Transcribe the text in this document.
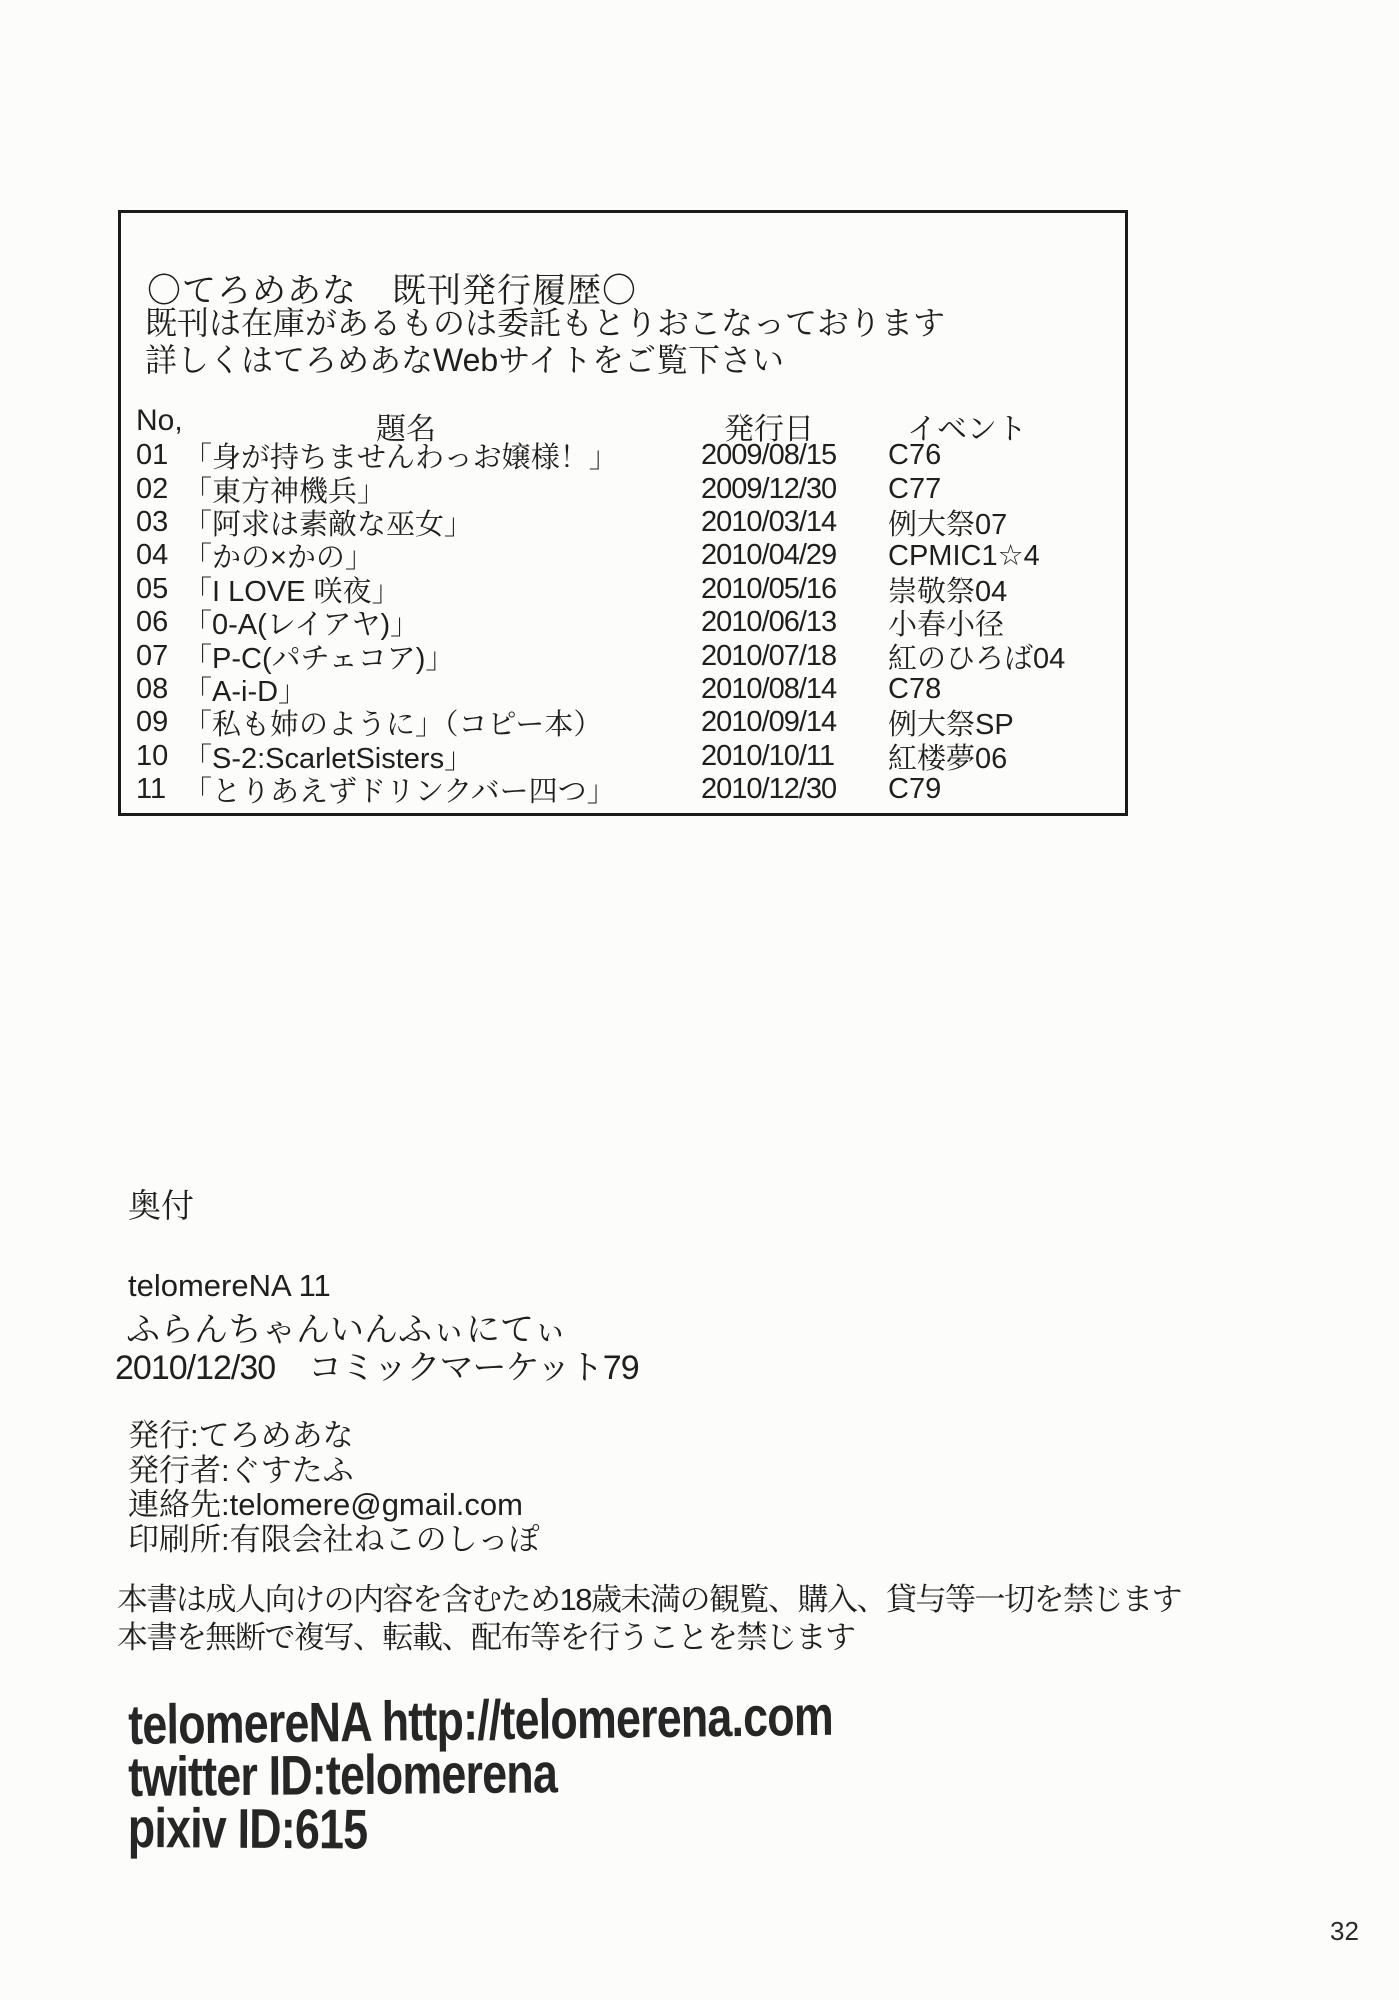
〇てろめあな　既刊発行履歴〇
既刊は在庫があるものは委託もとりおこなっております
詳しくはてろめあなWebサイトをご覧下さい
No,	題名	発行日	イベント
01 「身が持ちませんわっお嬢様！」	2009/08/15	C76
02 「東方神機兵」	2009/12/30	C77
03 「阿求は素敵な巫女」	2010/03/14	例大祭07
04 「かの×かの」	2010/04/29	CPMIC1☆4
05 「I LOVE 咲夜」	2010/05/16	崇敬祭04
06 「0-A(レイアヤ)」	2010/06/13	小春小径
07 「P-C(パチェコア)」	2010/07/18	紅のひろば04
08 「A-i-D」	2010/08/14	C78
09 「私も姉のように」（コピー本）	2010/09/14	例大祭SP
10 「S-2:ScarletSisters」	2010/10/11	紅楼夢06
11 「とりあえずドリンクバー四つ」	2010/12/30	C79
奥付
telomereNA 11
ふらんちゃんいんふぃにてぃ
2010/12/30　コミックマーケット79
発行:てろめあな
発行者:ぐすたふ
連絡先:telomere@gmail.com
印刷所:有限会社ねこのしっぽ
本書は成人向けの内容を含むため18歳未満の観覧、購入、貸与等一切を禁じます
本書を無断で複写、転載、配布等を行うことを禁じます
telomereNA http://telomerena.com
twitter ID:telomerena
pixiv ID:615
32
